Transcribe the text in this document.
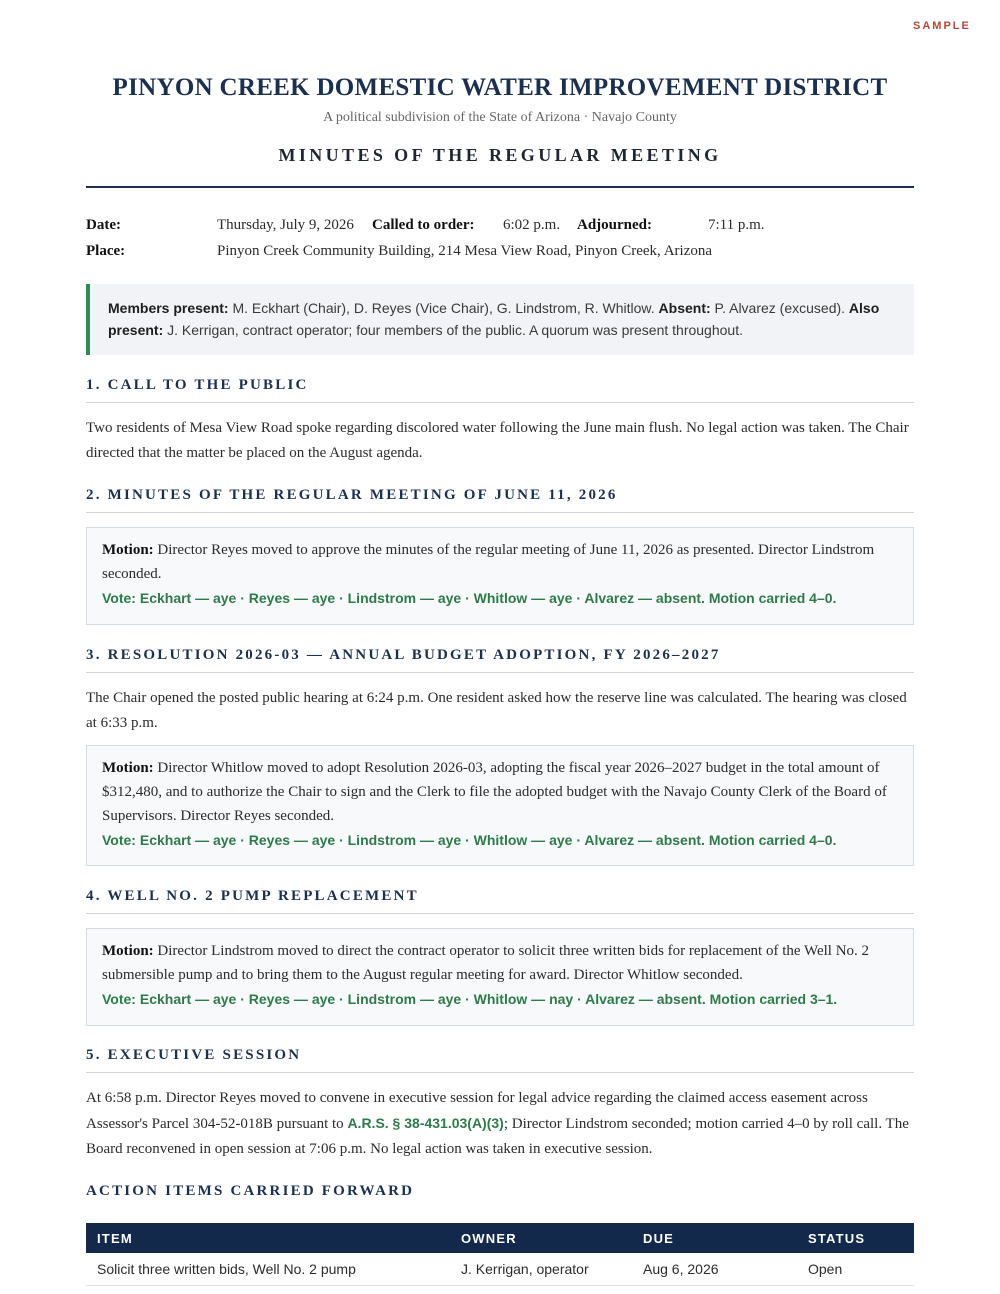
SAMPLE
PINYON CREEK DOMESTIC WATER IMPROVEMENT DISTRICT
A political subdivision of the State of Arizona · Navajo County
MINUTES OF THE REGULAR MEETING
Date:	Thursday, July 9, 2026 Called to order: 6:02 p.m. Adjourned:	7:11 p.m.
Place:	Pinyon Creek Community Building, 214 Mesa View Road, Pinyon Creek, Arizona
Members present: M. Eckhart (Chair), D. Reyes (Vice Chair), G. Lindstrom, R. Whitlow. Absent: P. Alvarez (excused). Also present: J. Kerrigan, contract operator; four members of the public. A quorum was present throughout.
1. CALL TO THE PUBLIC
Two residents of Mesa View Road spoke regarding discolored water following the June main flush. No legal action was taken. The Chair directed that the matter be placed on the August agenda.
2. MINUTES OF THE REGULAR MEETING OF JUNE 11, 2026
Motion: Director Reyes moved to approve the minutes of the regular meeting of June 11, 2026 as presented. Director Lindstrom seconded.
Vote: Eckhart — aye · Reyes — aye · Lindstrom — aye · Whitlow — aye · Alvarez — absent. Motion carried 4–0.
3. RESOLUTION 2026-03 — ANNUAL BUDGET ADOPTION, FY 2026–2027
The Chair opened the posted public hearing at 6:24 p.m. One resident asked how the reserve line was calculated. The hearing was closed at 6:33 p.m.
Motion: Director Whitlow moved to adopt Resolution 2026-03, adopting the fiscal year 2026–2027 budget in the total amount of $312,480, and to authorize the Chair to sign and the Clerk to file the adopted budget with the Navajo County Clerk of the Board of Supervisors. Director Reyes seconded.
Vote: Eckhart — aye · Reyes — aye · Lindstrom — aye · Whitlow — aye · Alvarez — absent. Motion carried 4–0.
4. WELL NO. 2 PUMP REPLACEMENT
Motion: Director Lindstrom moved to direct the contract operator to solicit three written bids for replacement of the Well No. 2 submersible pump and to bring them to the August regular meeting for award. Director Whitlow seconded.
Vote: Eckhart — aye · Reyes — aye · Lindstrom — aye · Whitlow — nay · Alvarez — absent. Motion carried 3–1.
5. EXECUTIVE SESSION
At 6:58 p.m. Director Reyes moved to convene in executive session for legal advice regarding the claimed access easement across Assessor's Parcel 304-52-018B pursuant to A.R.S. § 38-431.03(A)(3); Director Lindstrom seconded; motion carried 4–0 by roll call. The Board reconvened in open session at 7:06 p.m. No legal action was taken in executive session.
ACTION ITEMS CARRIED FORWARD
ITEM	OWNER	DUE	STATUS
Solicit three written bids, Well No. 2 pump	J. Kerrigan, operator	Aug 6, 2026	Open
